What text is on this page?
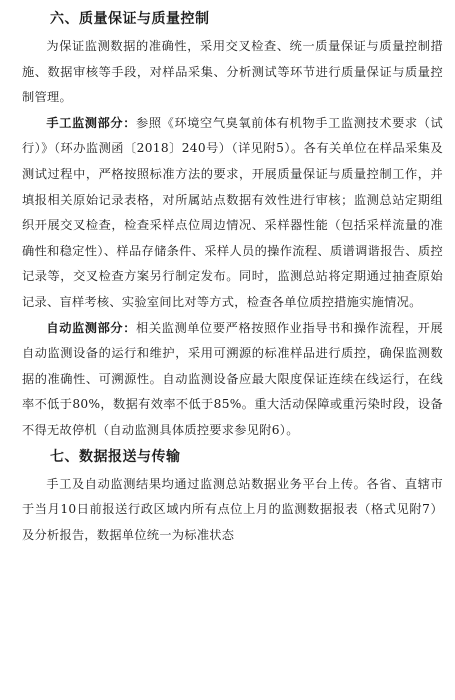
六、质量保证与质量控制

为保证监测数据的准确性，采用交叉检查、统一质量保证与质量控制措施、数据审核等手段，对样品采集、分析测试等环节进行质量保证与质量控制管理。

手工监测部分：参照《环境空气臭氧前体有机物手工监测技术要求（试行）》（环办监测函〔2018〕240号）（详见附5）。各有关单位在样品采集及测试过程中，严格按照标准方法的要求，开展质量保证与质量控制工作，并填报相关原始记录表格，对所属站点数据有效性进行审核；监测总站定期组织开展交叉检查，检查采样点位周边情况、采样器性能（包括采样流量的准确性和稳定性）、样品存储条件、采样人员的操作流程、质谱调谐报告、质控记录等，交叉检查方案另行制定发布。同时，监测总站将定期通过抽查原始记录、盲样考核、实验室间比对等方式，检查各单位质控措施实施情况。

自动监测部分：相关监测单位要严格按照作业指导书和操作流程，开展自动监测设备的运行和维护，采用可溯源的标准样品进行质控，确保监测数据的准确性、可溯源性。自动监测设备应最大限度保证连续在线运行，在线率不低于80%，数据有效率不低于85%。重大活动保障或重污染时段，设备不得无故停机（自动监测具体质控要求参见附6）。

七、数据报送与传输

手工及自动监测结果均通过监测总站数据业务平台上传。各省、直辖市于当月10日前报送行政区域内所有点位上月的监测数据报表（格式见附7）及分析报告，数据单位统一为标准状态
